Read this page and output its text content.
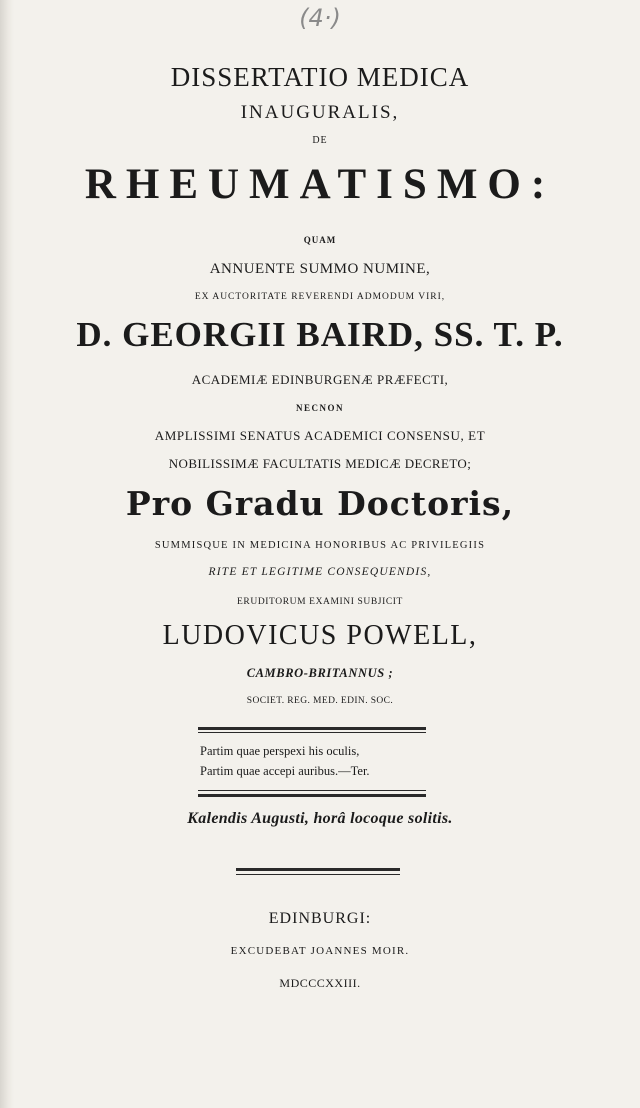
(4·)
DISSERTATIO MEDICA
INAUGURALIS,
DE
RHEUMATISMO:
QUAM
ANNUENTE SUMMO NUMINE,
EX AUCTORITATE REVERENDI ADMODUM VIRI,
D. GEORGII BAIRD, SS. T. P.
ACADEMIÆ EDINBURGENÆ PRÆFECTI,
NECNON
AMPLISSIMI SENATUS ACADEMICI CONSENSU, ET
NOBILISSIMÆ FACULTATIS MEDICÆ DECRETO;
Pro Gradu Doctoris,
SUMMISQUE IN MEDICINA HONORIBUS AC PRIVILEGIIS
RITE ET LEGITIME CONSEQUENDIS,
ERUDITORUM EXAMINI SUBJICIT
LUDOVICUS POWELL,
CAMBRO-BRITANNUS ;
SOCIET. REG. MED. EDIN. SOC.
Partim quae perspexi his oculis,
Partim quae accepi auribus.—Ter.
Kalendis Augusti, horâ locoque solitis.
EDINBURGI:
EXCUDEBAT JOANNES MOIR.
MDCCCXXIII.
